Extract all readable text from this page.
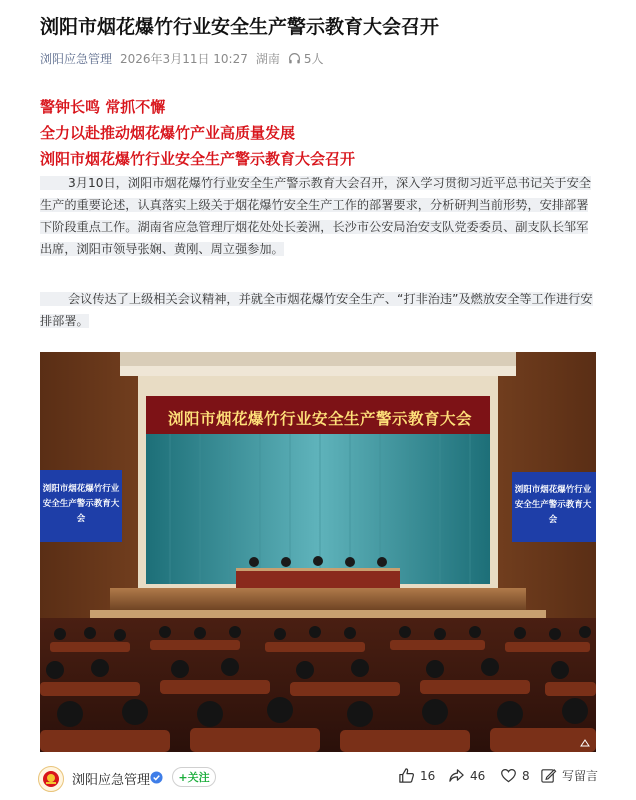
浏阳市烟花爆竹行业安全生产警示教育大会召开
浏阳应急管理 2026年3月11日 10:27 湖南 5人
警钟长鸣 常抓不懈
全力以赴推动烟花爆竹产业高质量发展
浏阳市烟花爆竹行业安全生产警示教育大会召开
3月10日，浏阳市烟花爆竹行业安全生产警示教育大会召开，深入学习贯彻习近平总书记关于安全生产的重要论述，认真落实上级关于烟花爆竹安全生产工作的部署要求，分析研判当前形势，安排部署下阶段重点工作。湖南省应急管理厅烟花处处长姜洲，长沙市公安局治安支队党委委员、副支队长邹军出席，浏阳市领导张娴、黄刚、周立强参加。
会议传达了上级相关会议精神，并就全市烟花爆竹安全生产、“打非治违”及燃放安全等工作进行安排部署。
浏阳市烟花爆竹行业安全生产警示教育大会
浏阳市烟花爆竹行业
安全生产警示教育大会
浏阳市烟花爆竹行业
安全生产警示教育大会
浏阳应急管理	+关注	16	46	8	写留言
